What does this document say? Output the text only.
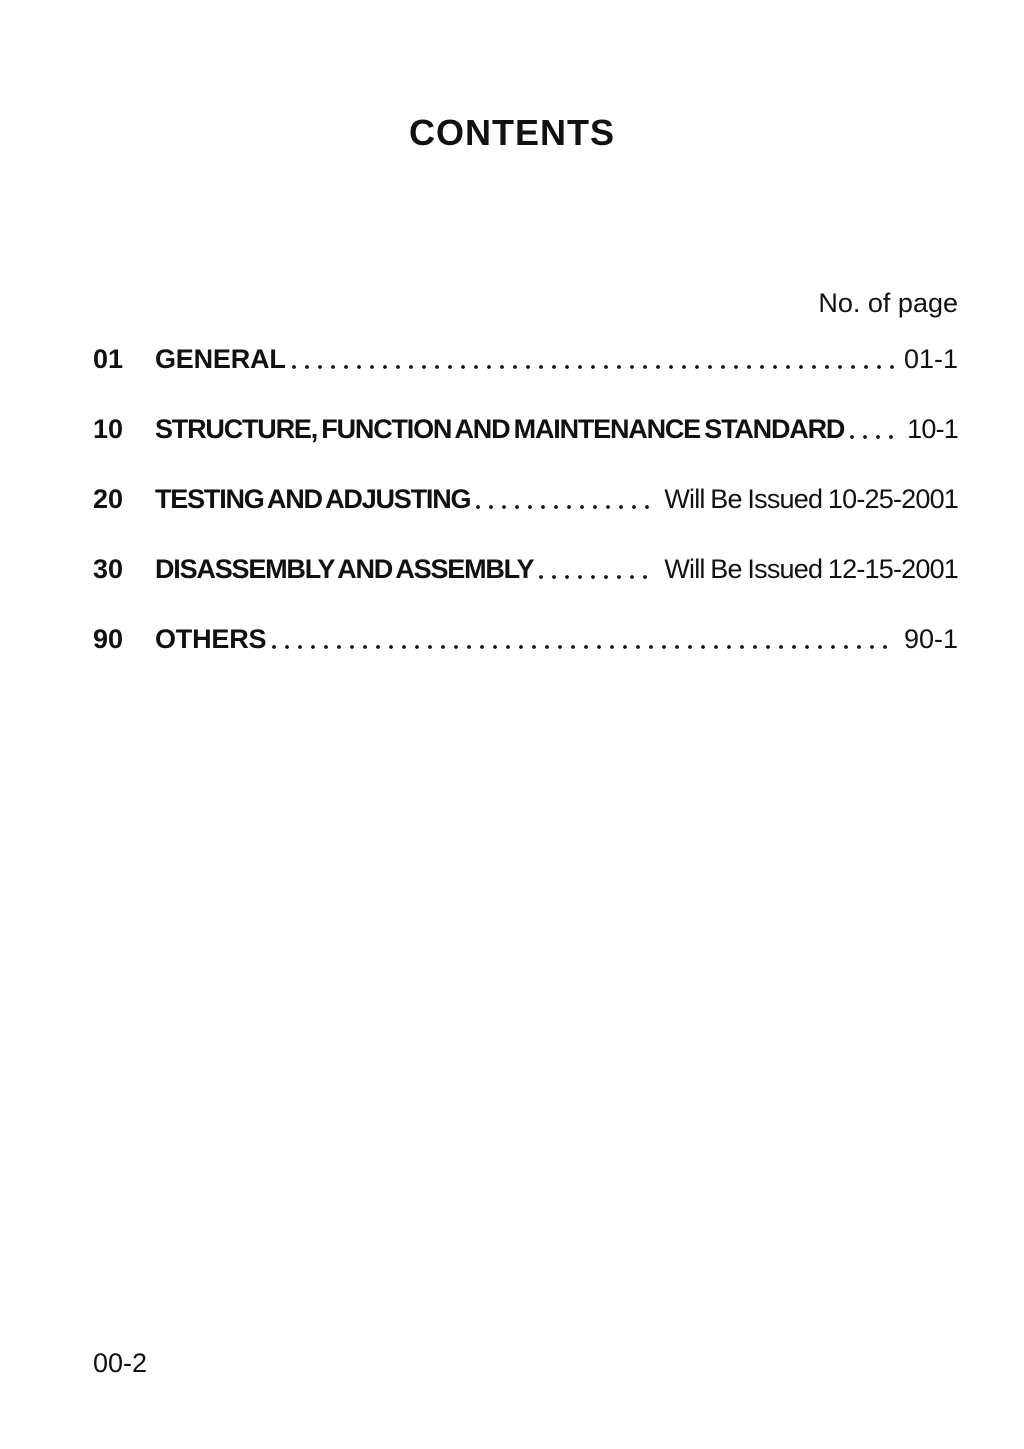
CONTENTS
No. of page
01	GENERAL	01-1
10	STRUCTURE, FUNCTION AND MAINTENANCE STANDARD 10-1
20	TESTING AND ADJUSTING	Will Be Issued 10-25-2001
30	DISASSEMBLY AND ASSEMBLY	Will Be Issued 12-15-2001
90	OTHERS	90-1
00-2
